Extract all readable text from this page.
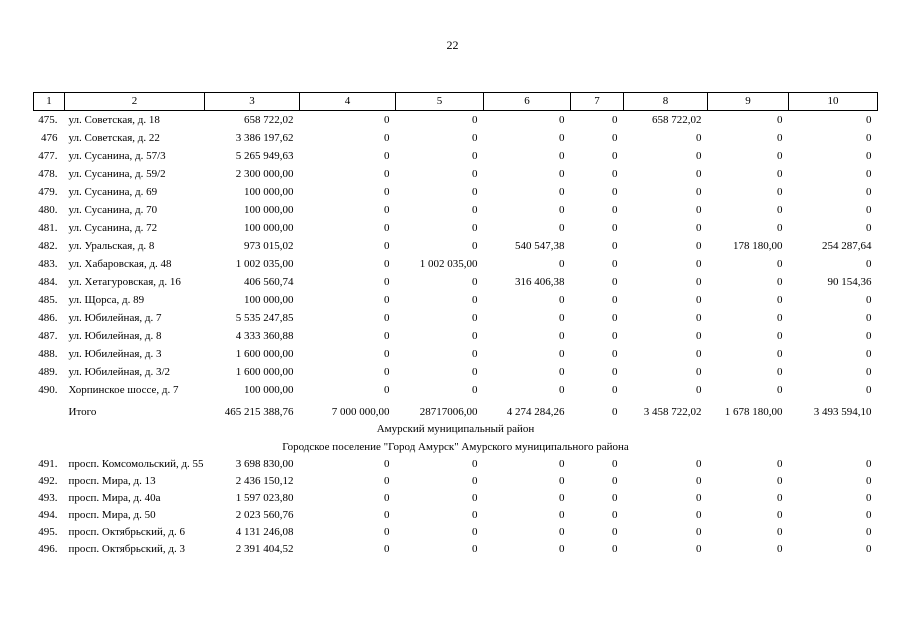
22
1	2	3	4	5	6	7	8	9	10
475.	ул. Советская, д. 18	658 722,02	0	0	0	0	658 722,02	0	0
476	ул. Советская, д. 22	3 386 197,62	0	0	0	0	0	0	0
477.	ул. Сусанина, д. 57/3	5 265 949,63	0	0	0	0	0	0	0
478.	ул. Сусанина, д. 59/2	2 300 000,00	0	0	0	0	0	0	0
479.	ул. Сусанина, д. 69	100 000,00	0	0	0	0	0	0	0
480.	ул. Сусанина, д. 70	100 000,00	0	0	0	0	0	0	0
481.	ул. Сусанина, д. 72	100 000,00	0	0	0	0	0	0	0
482.	ул. Уральская, д. 8	973 015,02	0	0	540 547,38	0	0	178 180,00	254 287,64
483.	ул. Хабаровская, д. 48	1 002 035,00	0	1 002 035,00	0	0	0	0	0
484.	ул. Хетагуровская, д. 16	406 560,74	0	0	316 406,38	0	0	0	90 154,36
485.	ул. Щорса, д. 89	100 000,00	0	0	0	0	0	0	0
486.	ул. Юбилейная, д. 7	5 535 247,85	0	0	0	0	0	0	0
487.	ул. Юбилейная, д. 8	4 333 360,88	0	0	0	0	0	0	0
488.	ул. Юбилейная, д. 3	1 600 000,00	0	0	0	0	0	0	0
489.	ул. Юбилейная, д. 3/2	1 600 000,00	0	0	0	0	0	0	0
490.	Хорпинское шоссе, д. 7	100 000,00	0	0	0	0	0	0	0
	Итого	465 215 388,76	7 000 000,00	28717006,00	4 274 284,26	0	3 458 722,02	1 678 180,00	3 493 594,10
Амурский муниципальный район									
Городское поселение "Город Амурск" Амурского муниципального района									
491.	просп. Комсомольский, д. 55	3 698 830,00	0	0	0	0	0	0	0
492.	просп. Мира, д. 13	2 436 150,12	0	0	0	0	0	0	0
493.	просп. Мира, д. 40а	1 597 023,80	0	0	0	0	0	0	0
494.	просп. Мира, д. 50	2 023 560,76	0	0	0	0	0	0	0
495.	просп. Октябрьский, д. 6	4 131 246,08	0	0	0	0	0	0	0
496.	просп. Октябрьский, д. 3	2 391 404,52	0	0	0	0	0	0	0
